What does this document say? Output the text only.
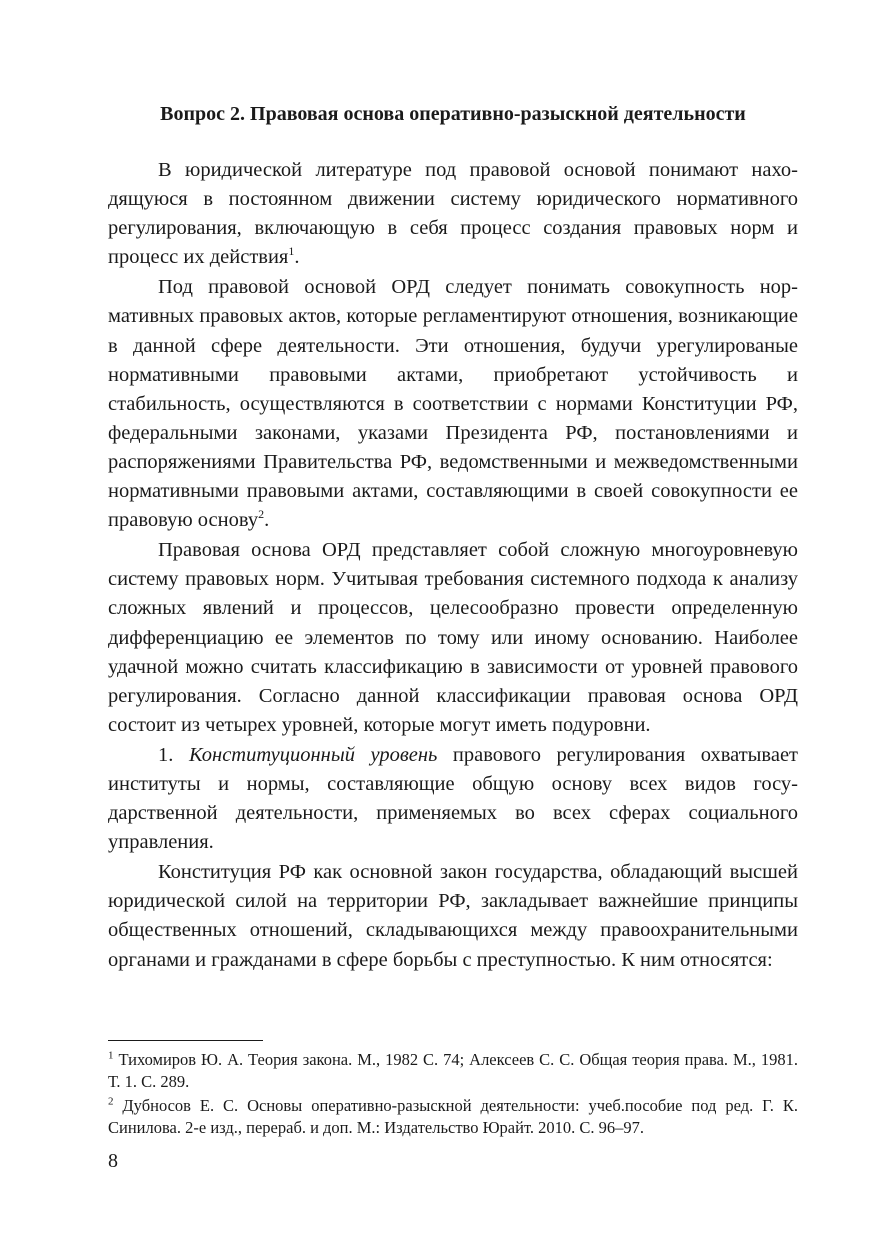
Вопрос 2. Правовая основа оперативно-разыскной деятельности

В юридической литературе под правовой основой понимают находящуюся в постоянном движении систему юридического нормативного регулирования, включающую в себя процесс создания правовых норм и процесс их действия$^1$.

Под правовой основой ОРД следует понимать совокупность нормативных правовых актов, которые регламентируют отношения, возникающие в данной сфере деятельности. Эти отношения, будучи урегулированые нормативными правовыми актами, приобретают устойчивость и стабильность, осуществляются в соответствии с нормами Конституции РФ, федеральными законами, указами Президента РФ, постановлениями и распоряжениями Правительства РФ, ведомственными и межведомственными нормативными правовыми актами, составляющими в своей совокупности ее правовую основу$^2$.

Правовая основа ОРД представляет собой сложную многоуровневую систему правовых норм. Учитывая требования системного подхода к анализу сложных явлений и процессов, целесообразно провести определенную дифференциацию ее элементов по тому или иному основанию. Наиболее удачной можно считать классификацию в зависимости от уровней правового регулирования. Согласно данной классификации правовая основа ОРД состоит из четырех уровней, которые могут иметь подуровни.

1. Конституционный уровень правового регулирования охватывает институты и нормы, составляющие общую основу всех видов государственной деятельности, применяемых во всех сферах социального управления.

Конституция РФ как основной закон государства, обладающий высшей юридической силой на территории РФ, закладывает важнейшие принципы общественных отношений, складывающихся между правоохранительными органами и гражданами в сфере борьбы с преступностью. К ним относятся:

$^1$ Тихомиров Ю. А. Теория закона. М., 1982 С. 74; Алексеев С. С. Общая теория права. М., 1981. Т. 1. С. 289.

$^2$ Дубносов Е. С. Основы оперативно-разыскной деятельности: учеб.пособие под ред. Г. К. Синилова. 2-е изд., перераб. и доп. М.: Издательство Юрайт. 2010. С. 96–97.

8
